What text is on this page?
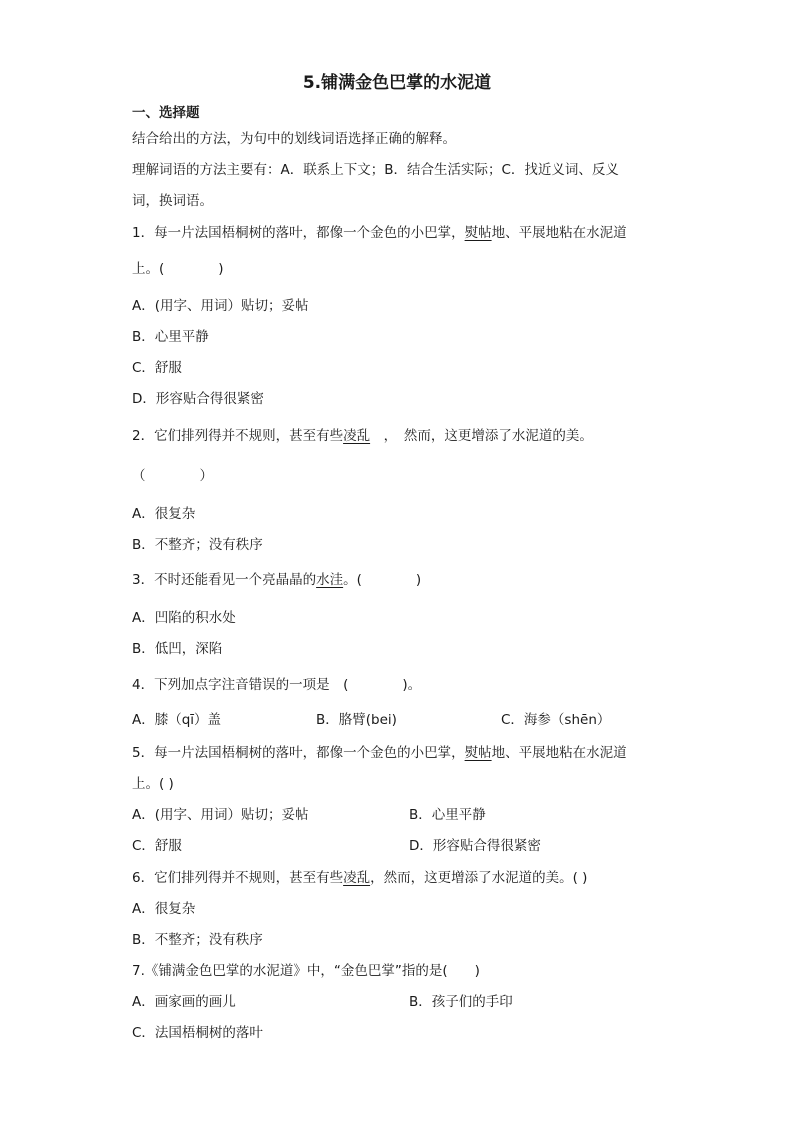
5.铺满金色巴掌的水泥道
一、选择题
结合给出的方法，为句中的划线词语选择正确的解释。
理解词语的方法主要有：A．联系上下文；B．结合生活实际；C．找近义词、反义
词，换词语。
1．每一片法国梧桐树的落叶，都像一个金色的小巴掌，熨帖地、平展地粘在水泥道
上。(　　　　)
A．(用字、用词）贴切；妥帖
B．心里平静
C．舒服
D．形容贴合得很紧密
2．它们排列得并不规则，甚至有些凌乱　，　然而，这更增添了水泥道的美。
（　　　　）
A．很复杂
B．不整齐；没有秩序
3．不时还能看见一个亮晶晶的水洼。(　　　　)
A．凹陷的积水处
B．低凹，深陷
4．下列加点字注音错误的一项是　(　　　　)。
A．膝（qī）盖	B．胳臂(bei)	C．海参（shēn）
5．每一片法国梧桐树的落叶，都像一个金色的小巴掌，熨帖地、平展地粘在水泥道
上。( )
A．(用字、用词）贴切；妥帖	B．心里平静
C．舒服	D．形容贴合得很紧密
6．它们排列得并不规则，甚至有些凌乱，然而，这更增添了水泥道的美。( )
A．很复杂
B．不整齐；没有秩序
7.《铺满金色巴掌的水泥道》中，“金色巴掌”指的是(　　)
A．画家画的画儿	B．孩子们的手印
C．法国梧桐树的落叶
